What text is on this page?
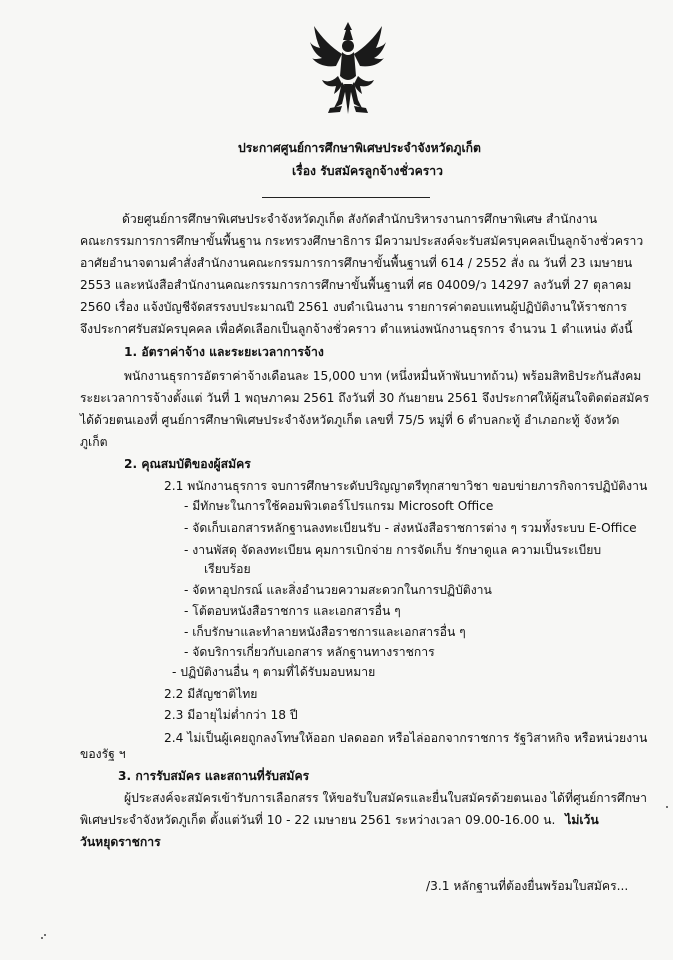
ประกาศศูนย์การศึกษาพิเศษประจำจังหวัดภูเก็ต
เรื่อง รับสมัครลูกจ้างชั่วคราว
ด้วยศูนย์การศึกษาพิเศษประจำจังหวัดภูเก็ต สังกัดสำนักบริหารงานการศึกษาพิเศษ สำนักงาน
คณะกรรมการการศึกษาขั้นพื้นฐาน กระทรวงศึกษาธิการ มีความประสงค์จะรับสมัครบุคคลเป็นลูกจ้างชั่วคราว
อาศัยอำนาจตามคำสั่งสำนักงานคณะกรรมการการศึกษาขั้นพื้นฐานที่ 614 / 2552 สั่ง ณ วันที่ 23 เมษายน
2553 และหนังสือสำนักงานคณะกรรมการการศึกษาขั้นพื้นฐานที่ ศธ 04009/ว 14297 ลงวันที่ 27 ตุลาคม
2560 เรื่อง แจ้งบัญชีจัดสรรงบประมาณปี 2561 งบดำเนินงาน รายการค่าตอบแทนผู้ปฏิบัติงานให้ราชการ
จึงประกาศรับสมัครบุคคล เพื่อคัดเลือกเป็นลูกจ้างชั่วคราว ตำแหน่งพนักงานธุรการ จำนวน 1 ตำแหน่ง ดังนี้
1. อัตราค่าจ้าง และระยะเวลาการจ้าง
พนักงานธุรการอัตราค่าจ้างเดือนละ 15,000 บาท (หนึ่งหมื่นห้าพันบาทถ้วน) พร้อมสิทธิประกันสังคม
ระยะเวลาการจ้างตั้งแต่ วันที่ 1 พฤษภาคม 2561 ถึงวันที่ 30 กันยายน 2561 จึงประกาศให้ผู้สนใจติดต่อสมัคร
ได้ด้วยตนเองที่ ศูนย์การศึกษาพิเศษประจำจังหวัดภูเก็ต เลขที่ 75/5 หมู่ที่ 6 ตำบลกะทู้ อำเภอกะทู้ จังหวัด
ภูเก็ต
2. คุณสมบัติของผู้สมัคร
2.1 พนักงานธุรการ จบการศึกษาระดับปริญญาตรีทุกสาขาวิชา ขอบข่ายภารกิจการปฏิบัติงาน
- มีทักษะในการใช้คอมพิวเตอร์โปรแกรม Microsoft Office
- จัดเก็บเอกสารหลักฐานลงทะเบียนรับ - ส่งหนังสือราชการต่าง ๆ รวมทั้งระบบ E-Office
- งานพัสดุ จัดลงทะเบียน คุมการเบิกจ่าย การจัดเก็บ รักษาดูแล ความเป็นระเบียบ
เรียบร้อย
- จัดหาอุปกรณ์ และสิ่งอำนวยความสะดวกในการปฏิบัติงาน
- โต้ตอบหนังสือราชการ และเอกสารอื่น ๆ
- เก็บรักษาและทำลายหนังสือราชการและเอกสารอื่น ๆ
- จัดบริการเกี่ยวกับเอกสาร หลักฐานทางราชการ
- ปฏิบัติงานอื่น ๆ ตามที่ได้รับมอบหมาย
2.2 มีสัญชาติไทย
2.3 มีอายุไม่ต่ำกว่า 18 ปี
2.4 ไม่เป็นผู้เคยถูกลงโทษให้ออก ปลดออก หรือไล่ออกจากราชการ รัฐวิสาหกิจ หรือหน่วยงาน
ของรัฐ ฯ
3. การรับสมัคร และสถานที่รับสมัคร
ผู้ประสงค์จะสมัครเข้ารับการเลือกสรร ให้ขอรับใบสมัครและยื่นใบสมัครด้วยตนเอง ได้ที่ศูนย์การศึกษา
พิเศษประจำจังหวัดภูเก็ต ตั้งแต่วันที่ 10 - 22 เมษายน 2561 ระหว่างเวลา 09.00-16.00 น. ไม่เว้น
วันหยุดราชการ
/3.1 หลักฐานที่ต้องยื่นพร้อมใบสมัคร...
